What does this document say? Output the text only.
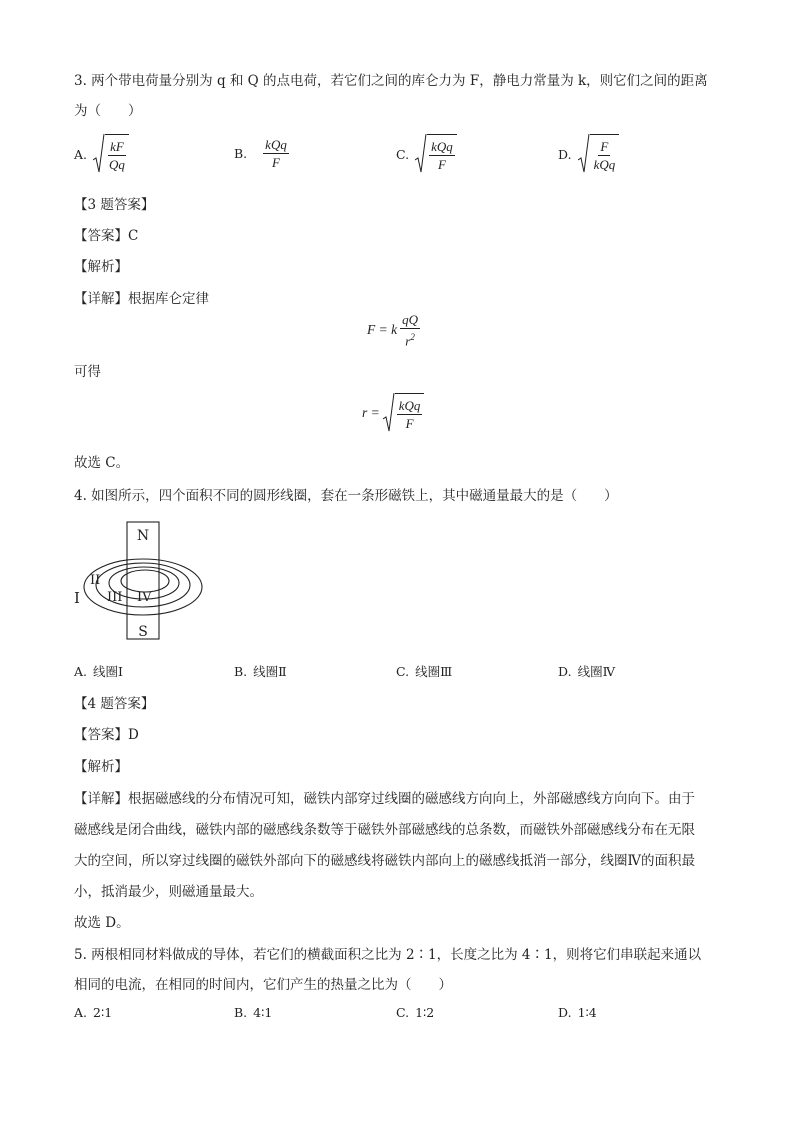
3. 两个带电荷量分别为 q 和 Q 的点电荷，若它们之间的库仑力为 F，静电力常量为 k，则它们之间的距离
为（　　）
A. $\frac{kF}{Qq}$	B. $\frac{\text{kQq}}{F}$	C. $\frac{\text{kQq}}{F}$	D. $\frac{F}{\text{kQq}}$
【3 题答案】
【答案】C
【解析】
【详解】根据库仑定律
F = k $\frac{qQ}{r^2}$
可得
$r = \frac{\text{kQq}}{F}$
故选 C。
4. 如图所示，四个面积不同的圆形线圈，套在一条形磁铁上，其中磁通量最大的是（　　）
N
S
I
II
III IV
A. 线圈Ⅰ	B. 线圈Ⅱ	C. 线圈Ⅲ	D. 线圈Ⅳ
【4 题答案】
【答案】D
【解析】
【详解】根据磁感线的分布情况可知，磁铁内部穿过线圈的磁感线方向向上，外部磁感线方向向下。由于
磁感线是闭合曲线，磁铁内部的磁感线条数等于磁铁外部磁感线的总条数，而磁铁外部磁感线分布在无限
大的空间，所以穿过线圈的磁铁外部向下的磁感线将磁铁内部向上的磁感线抵消一部分，线圈Ⅳ的面积最
小，抵消最少，则磁通量最大。
故选 D。
5. 两根相同材料做成的导体，若它们的横截面积之比为 2∶1，长度之比为 4∶1，则将它们串联起来通以
相同的电流，在相同的时间内，它们产生的热量之比为（　　）
A. 2∶1	B. 4∶1	C. 1∶2	D. 1∶4
